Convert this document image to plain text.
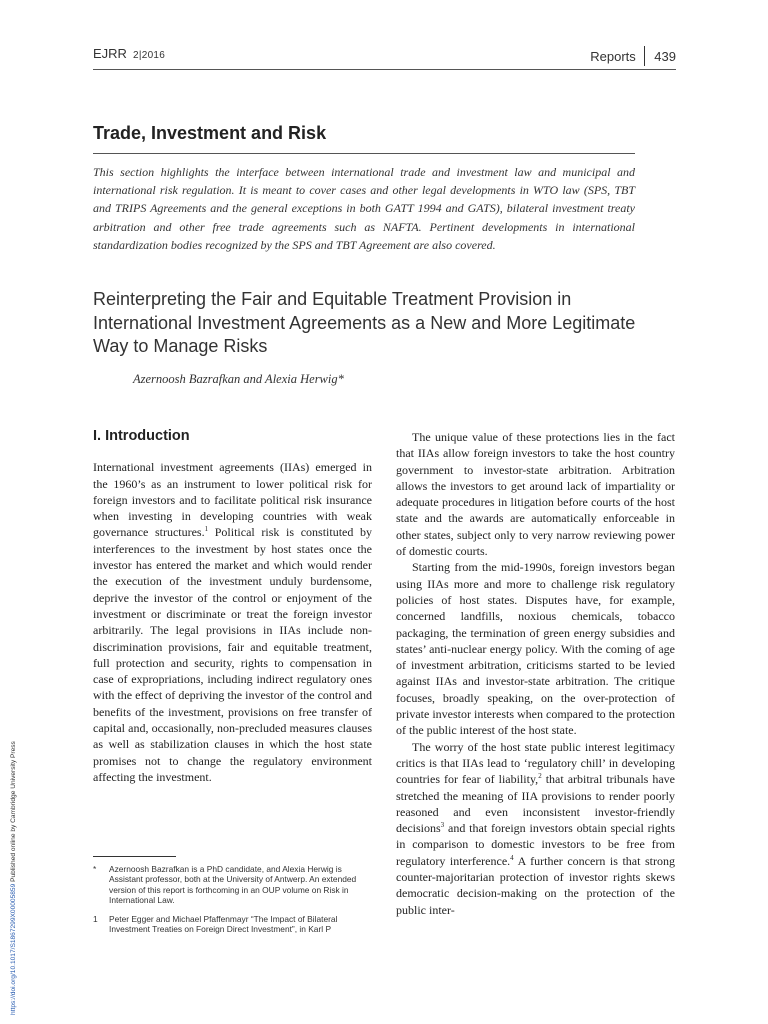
EJRR 2|2016	Reports 439
Trade, Investment and Risk
This section highlights the interface between international trade and investment law and municipal and international risk regulation. It is meant to cover cases and other legal developments in WTO law (SPS, TBT and TRIPS Agreements and the general exceptions in both GATT 1994 and GATS), bilateral investment treaty arbitration and other free trade agreements such as NAFTA. Pertinent developments in international standardization bodies recognized by the SPS and TBT Agreement are also covered.
Reinterpreting the Fair and Equitable Treatment Provision in International Investment Agreements as a New and More Legitimate Way to Manage Risks
Azernoosh Bazrafkan and Alexia Herwig*
I. Introduction

International investment agreements (IIAs) emerged in the 1960’s as an instrument to lower political risk for foreign investors and to facilitate political risk insurance when investing in developing countries with weak governance structures.$^1$ Political risk is constituted by interferences to the investment by host states once the investor has entered the market and which would render the execution of the investment unduly burdensome, deprive the investor of the control or enjoyment of the investment or discriminate or treat the foreign investor arbitrarily. The legal provisions in IIAs include non-discrimination provisions, fair and equitable treatment, full protection and security, rights to compensation in case of expropriations, including indirect regulatory ones with the effect of depriving the investor of the control and benefits of the investment, provisions on free transfer of capital and, occasionally, non-precluded measures clauses as well as stabilization clauses in which the host state promises not to change the regulatory environment affecting the investment.

The unique value of these protections lies in the fact that IIAs allow foreign investors to take the host country government to investor-state arbitration. Arbitration allows the investors to get around lack of impartiality or adequate procedures in litigation before courts of the host state and the awards are automatically enforceable in other states, subject only to very narrow reviewing power of domestic courts.

Starting from the mid-1990s, foreign investors began using IIAs more and more to challenge risk regulatory policies of host states. Disputes have, for example, concerned landfills, noxious chemicals, tobacco packaging, the termination of green energy subsidies and states’ anti-nuclear energy policy. With the coming of age of investment arbitration, criticisms started to be levied against IIAs and investor-state arbitration. The critique focuses, broadly speaking, on the over-protection of private investor interests when compared to the protection of the public interest of the host state.

The worry of the host state public interest legitimacy critics is that IIAs lead to ‘regulatory chill’ in developing countries for fear of liability,$^2$ that arbitral tribunals have stretched the meaning of IIA provisions to render poorly reasoned and even inconsistent investor-friendly decisions$^3$ and that foreign investors obtain special rights in comparison to domestic investors to be free from regulatory interference.$^4$ A further concern is that strong counter-majoritarian protection of investor rights skews democratic decision-making on the protection of the public inter-

* Azernoosh Bazrafkan is a PhD candidate, and Alexia Herwig is Assistant professor, both at the University of Antwerp. An extended version of this report is forthcoming in an OUP volume on Risk in International Law.
1 Peter Egger and Michael Pfaffenmayr “The Impact of Bilateral Investment Treaties on Foreign Direct Investment”, in Karl P
https://doi.org/10.1017/S1867299X00005859 Published online by Cambridge University Press
